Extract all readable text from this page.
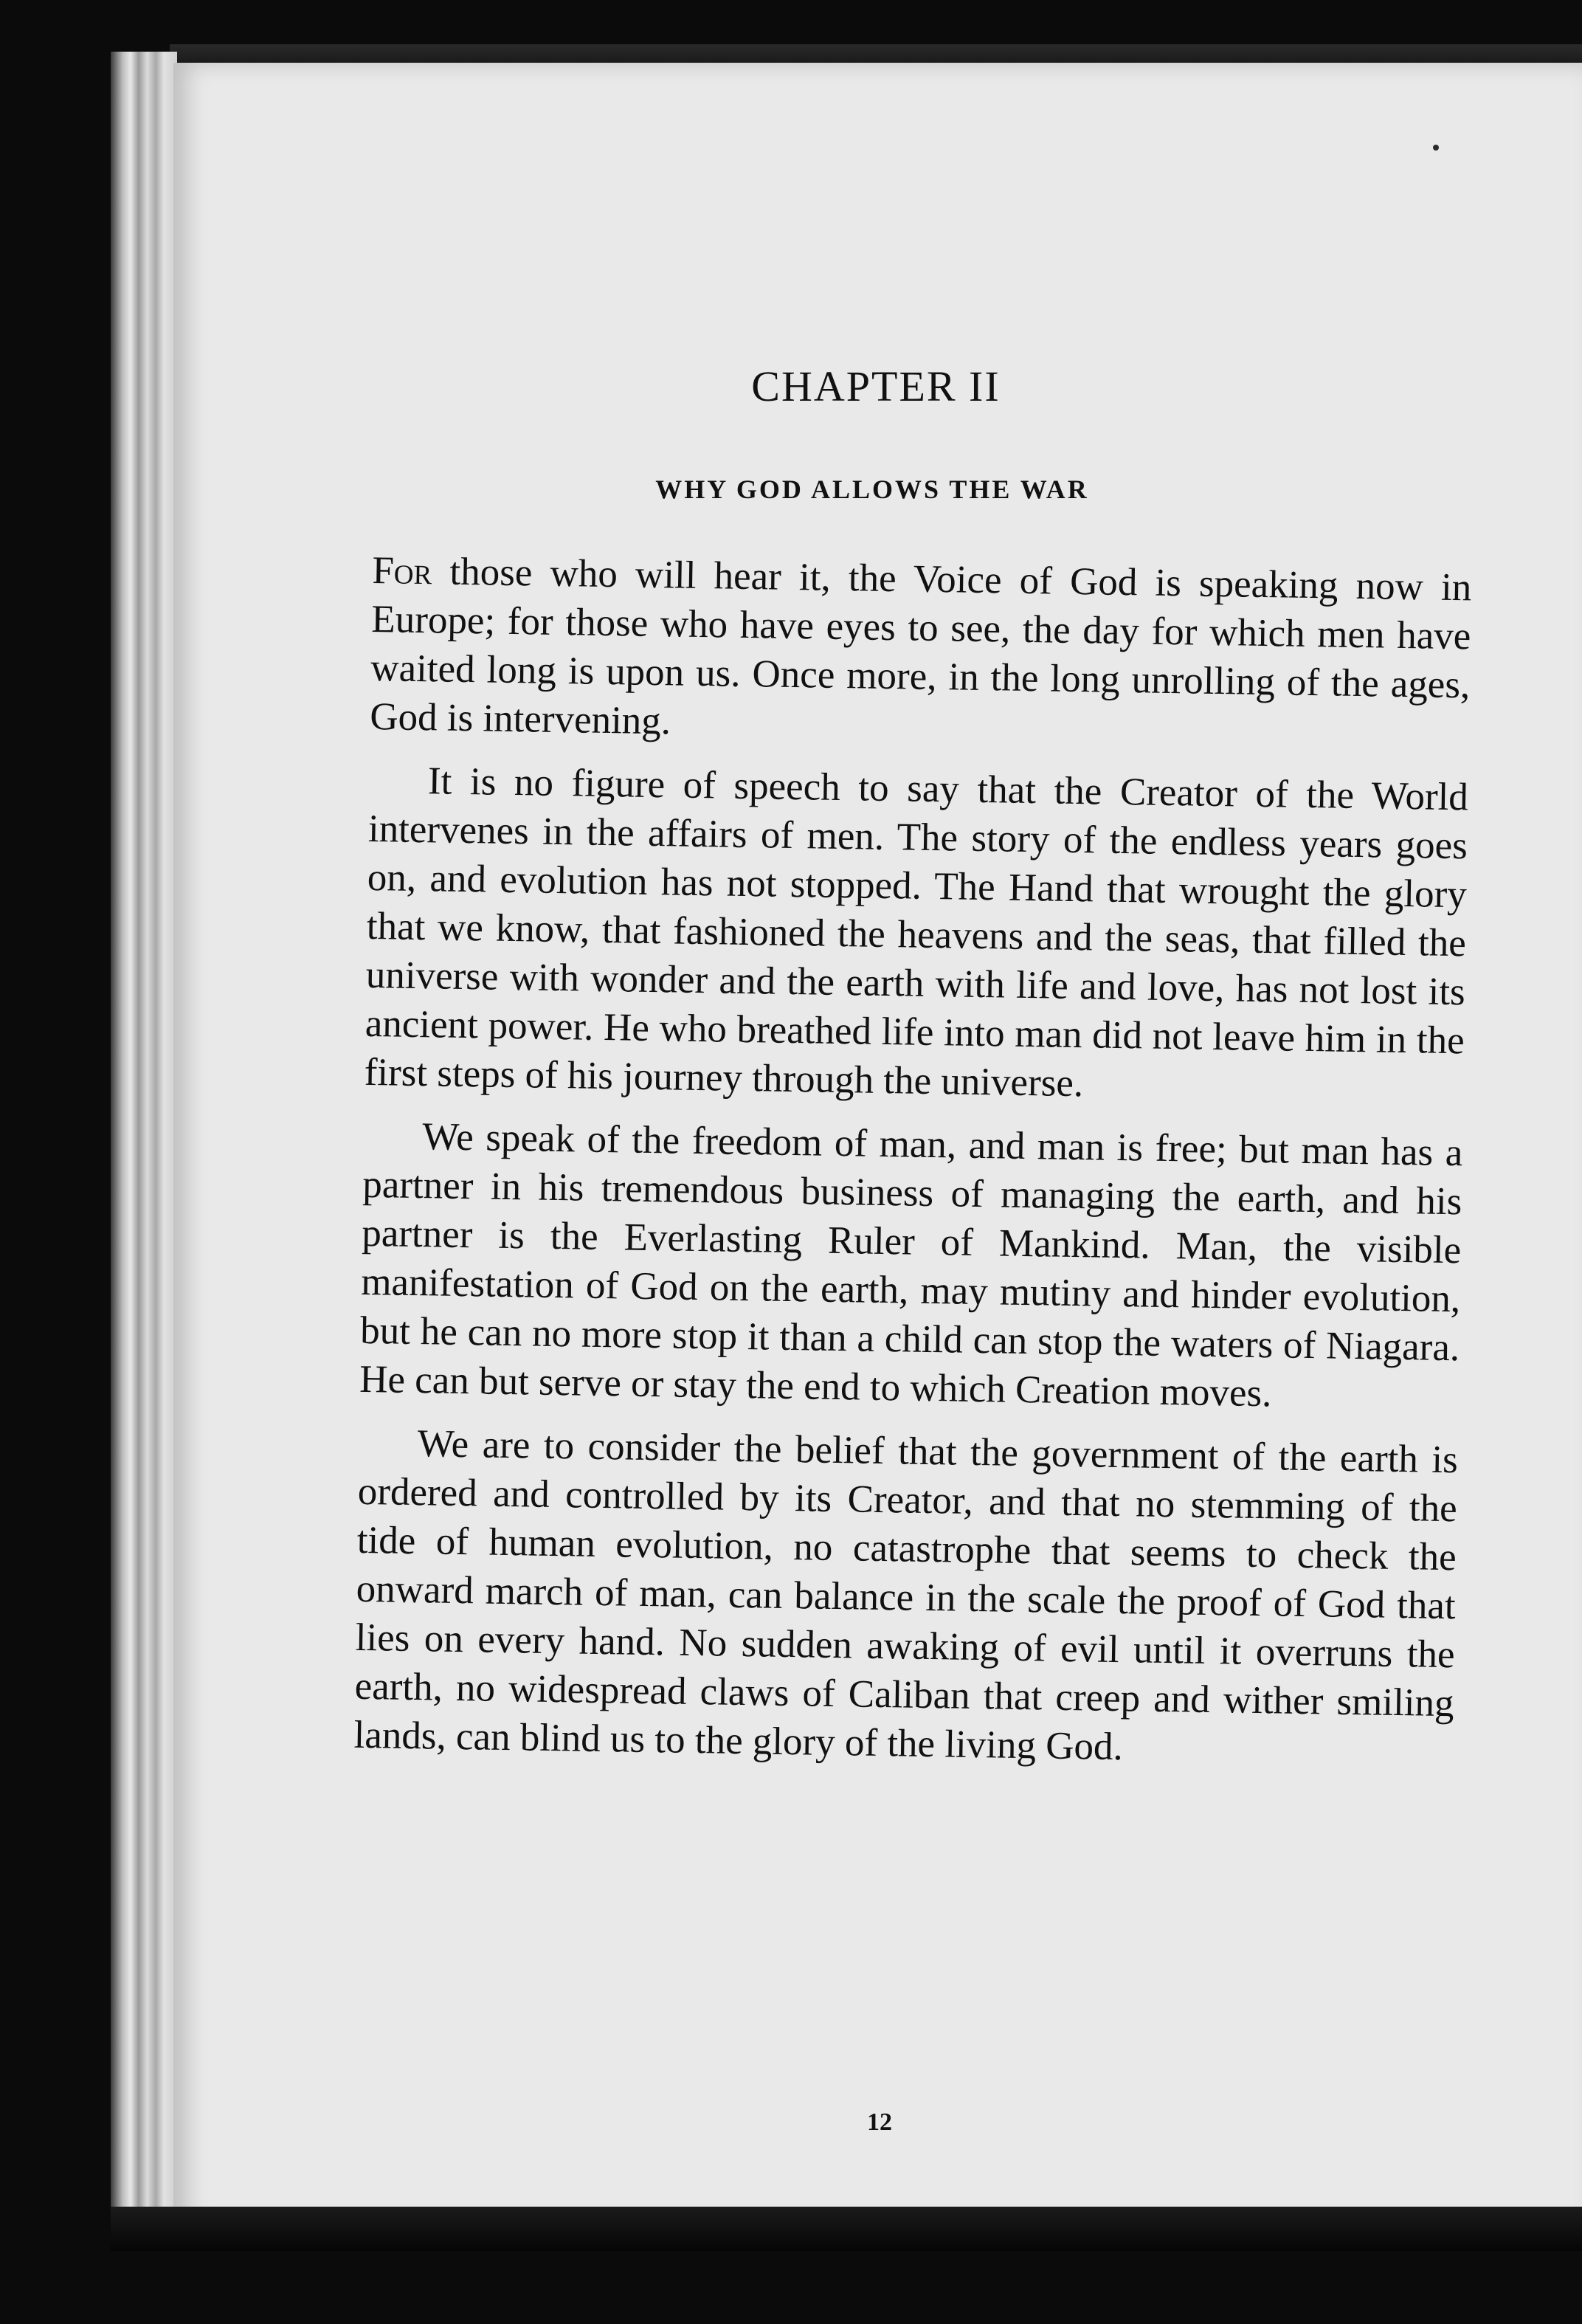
CHAPTER II
WHY GOD ALLOWS THE WAR

For those who will hear it, the Voice of God is speaking now in Europe; for those who have eyes to see, the day for which men have waited long is upon us. Once more, in the long unrolling of the ages, God is intervening.

It is no figure of speech to say that the Creator of the World intervenes in the affairs of men. The story of the endless years goes on, and evolution has not stopped. The Hand that wrought the glory that we know, that fashioned the heavens and the seas, that filled the universe with wonder and the earth with life and love, has not lost its ancient power. He who breathed life into man did not leave him in the first steps of his journey through the universe.

We speak of the freedom of man, and man is free; but man has a partner in his tremendous business of managing the earth, and his partner is the Everlasting Ruler of Mankind. Man, the visible manifestation of God on the earth, may mutiny and hinder evolution, but he can no more stop it than a child can stop the waters of Niagara. He can but serve or stay the end to which Creation moves.

We are to consider the belief that the government of the earth is ordered and controlled by its Creator, and that no stemming of the tide of human evolution, no catastrophe that seems to check the onward march of man, can balance in the scale the proof of God that lies on every hand. No sudden awaking of evil until it overruns the earth, no widespread claws of Caliban that creep and wither smiling lands, can blind us to the glory of the living God.

12
